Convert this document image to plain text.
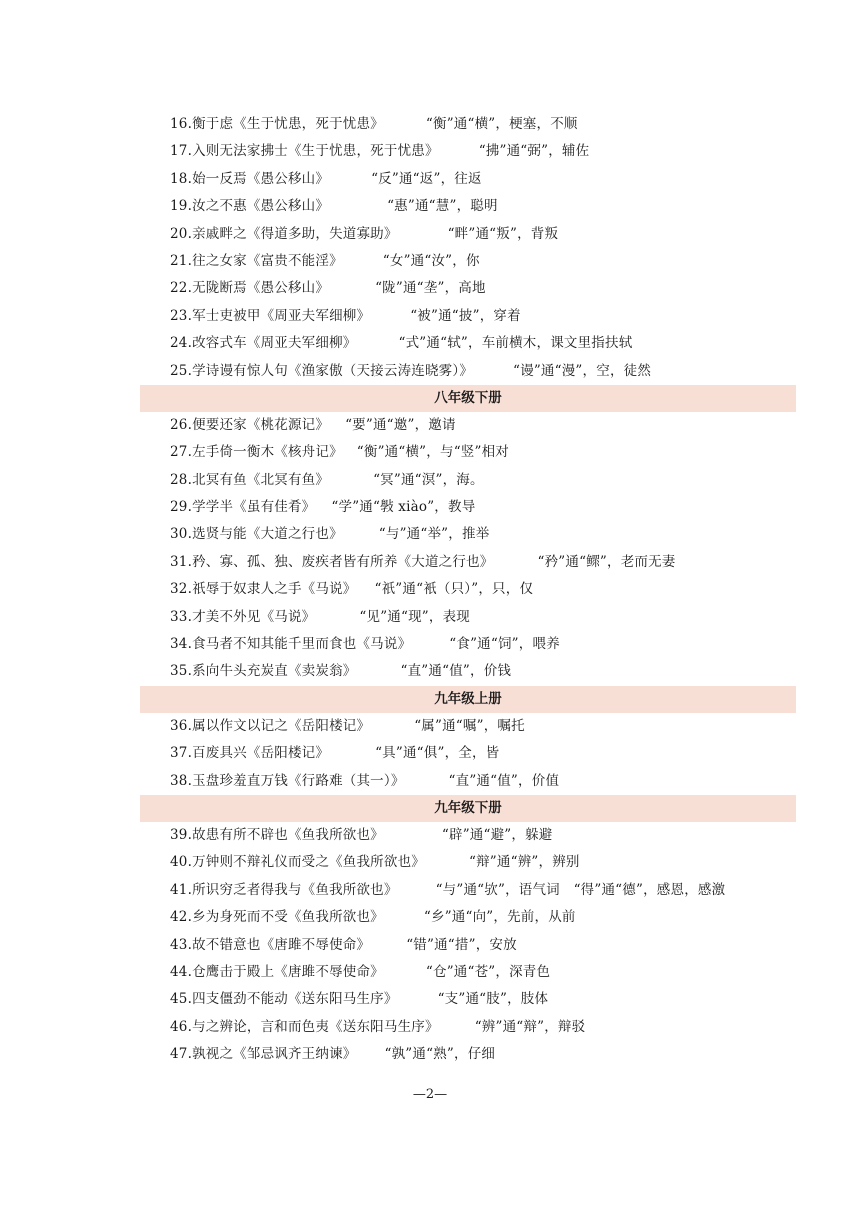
16.衡于虑《生于忧患，死于忧患》	“衡”通“横”，梗塞，不顺
17.入则无法家拂士《生于忧患，死于忧患》	“拂”通“弼”，辅佐
18.始一反焉《愚公移山》	“反”通“返”，往返
19.汝之不惠《愚公移山》	“惠”通“慧”，聪明
20.亲戚畔之《得道多助，失道寡助》	“畔”通“叛”，背叛
21.往之女家《富贵不能淫》	“女”通“汝”，你
22.无陇断焉《愚公移山》	“陇”通“垄”，高地
23.军士吏被甲《周亚夫军细柳》	“被”通“披”，穿着
24.改容式车《周亚夫军细柳》	“式”通“轼”，车前横木，课文里指扶轼
25.学诗谩有惊人句《渔家傲（天接云涛连晓雾）》	“谩”通“漫”，空，徒然
八年级下册
26.便要还家《桃花源记》 “要”通“邀”，邀请
27.左手倚一衡木《核舟记》 “衡”通“横”，与“竖”相对
28.北冥有鱼《北冥有鱼》	“冥”通“溟”，海。
29.学学半《虽有佳肴》 “学”通“斅 xiào”，教导
30.选贤与能《大道之行也》	“与”通“举”，推举
31.矜、寡、孤、独、废疾者皆有所养《大道之行也》	“矜”通“鳏”，老而无妻
32.祇辱于奴隶人之手《马说》 “祇”通“衹（只）”，只，仅
33.才美不外见《马说》	“见”通“现”，表现
34.食马者不知其能千里而食也《马说》	“食”通“饲”，喂养
35.系向牛头充炭直《卖炭翁》	“直”通“值”，价钱
九年级上册
36.属以作文以记之《岳阳楼记》	“属”通“嘱”，嘱托
37.百废具兴《岳阳楼记》	“具”通“俱”，全，皆
38.玉盘珍羞直万钱《行路难（其一）》	“直”通“值”，价值
九年级下册
39.故患有所不辟也《鱼我所欲也》	“辟”通“避”，躲避
40.万钟则不辩礼仪而受之《鱼我所欲也》	“辩”通“辨”，辨别
41.所识穷乏者得我与《鱼我所欲也》	“与”通“欤”，语气词　“得”通“德”，感恩，感激
42.乡为身死而不受《鱼我所欲也》	“乡”通“向”，先前，从前
43.故不错意也《唐雎不辱使命》	“错”通“措”，安放
44.仓鹰击于殿上《唐雎不辱使命》	“仓”通“苍”，深青色
45.四支僵劲不能动《送东阳马生序》	“支”通“肢”，肢体
46.与之辨论，言和而色夷《送东阳马生序》	“辨”通“辩”，辩驳
47.孰视之《邹忌讽齐王纳谏》 “孰”通“熟”，仔细
—2—
